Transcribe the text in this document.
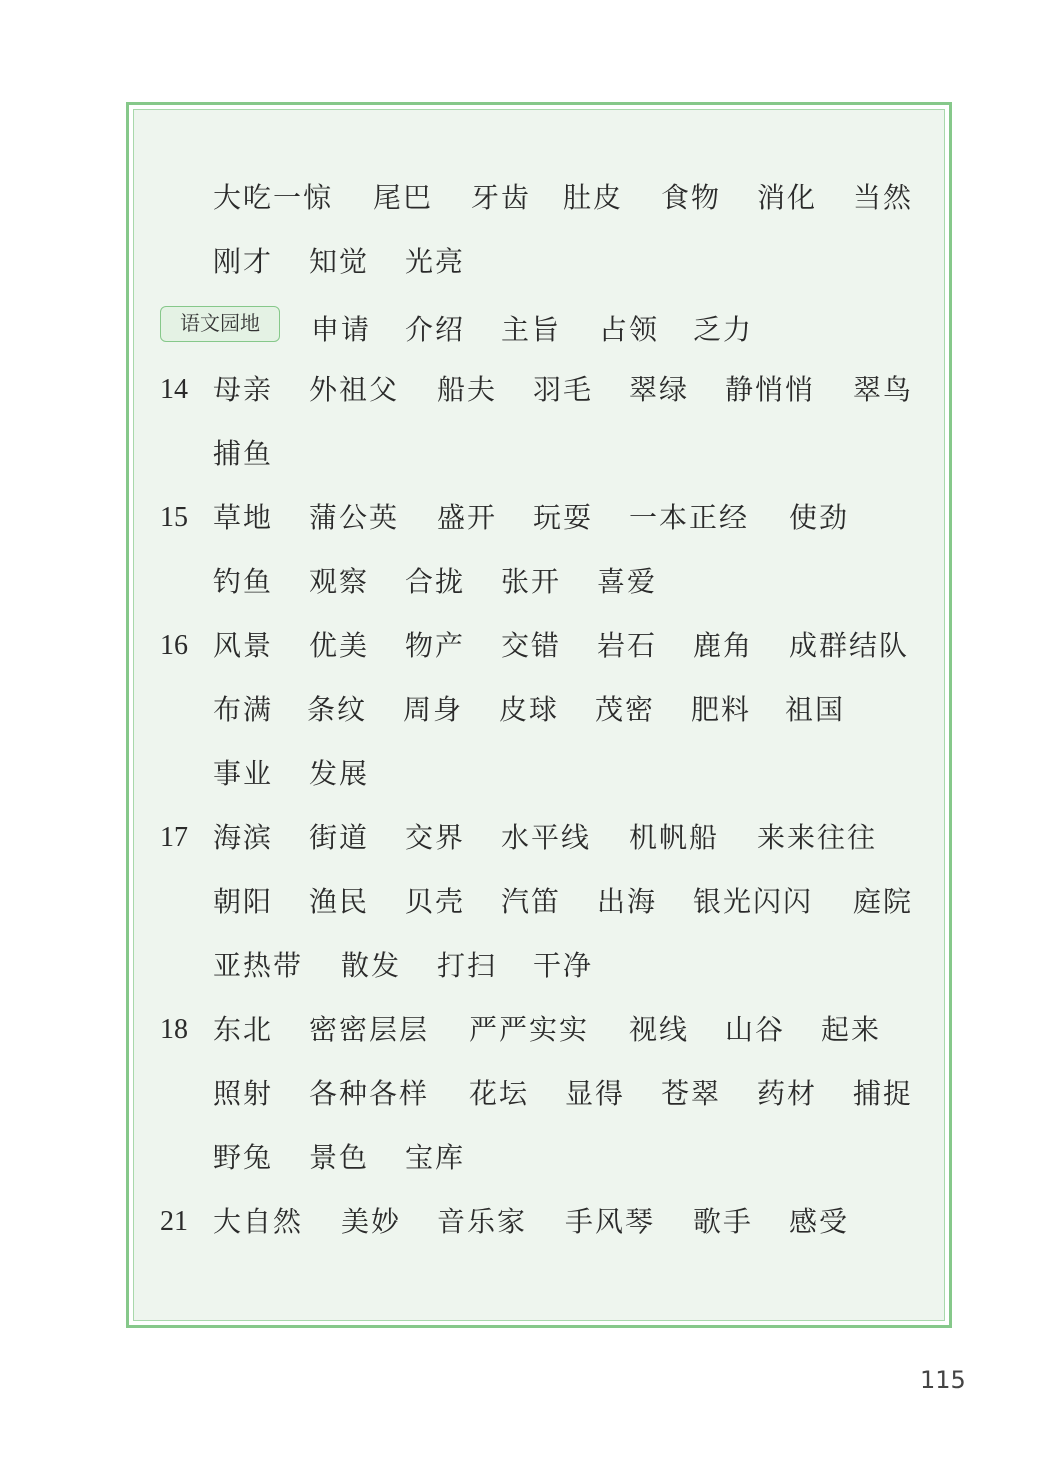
语文园地
大吃一惊 尾巴 牙齿 肚皮 食物 消化 当然
刚才 知觉 光亮
申请 介绍 主旨 占领 乏力
14 母亲 外祖父 船夫 羽毛 翠绿 静悄悄 翠鸟
捕鱼
15 草地 蒲公英 盛开 玩耍 一本正经 使劲
钓鱼 观察 合拢 张开 喜爱
16 风景 优美 物产 交错 岩石 鹿角 成群结队
布满 条纹 周身 皮球 茂密 肥料 祖国
事业 发展
17 海滨 街道 交界 水平线 机帆船 来来往往
朝阳 渔民 贝壳 汽笛 出海 银光闪闪 庭院
亚热带 散发 打扫 干净
18 东北 密密层层 严严实实 视线 山谷 起来
照射 各种各样 花坛 显得 苍翠 药材 捕捉
野兔 景色 宝库
21 大自然 美妙 音乐家 手风琴 歌手 感受
115
